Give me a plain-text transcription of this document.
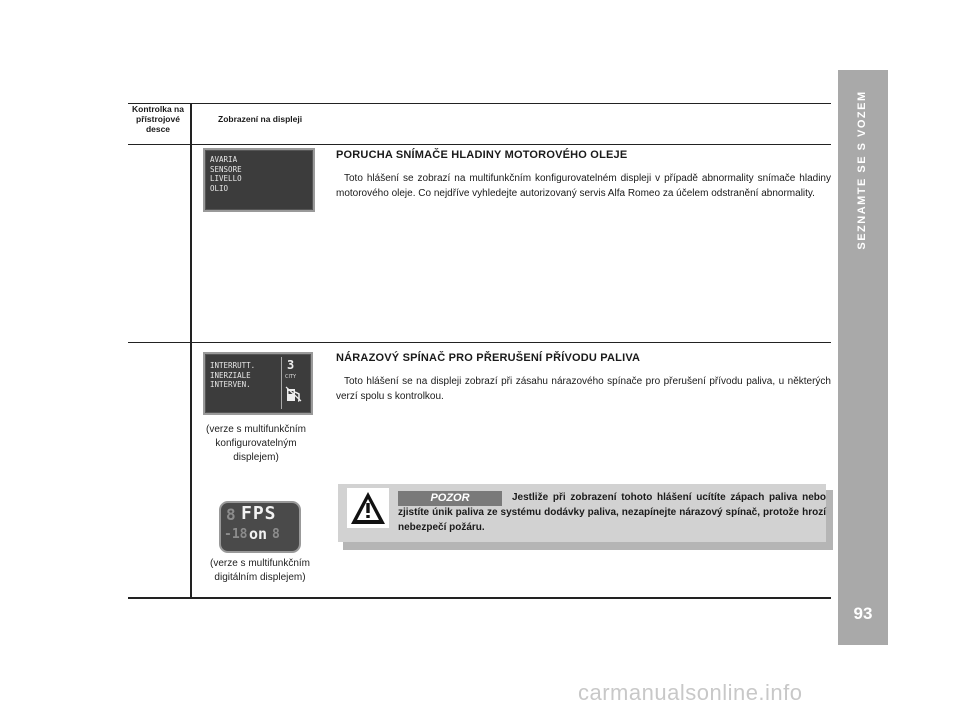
SEZNAMTE SE S VOZEM
93
Kontrolka na přístrojové desce
Zobrazení na displeji
AVARIA
SENSORE
LIVELLO
OLIO
PORUCHA SNÍMAČE HLADINY MOTOROVÉHO OLEJE
Toto hlášení se zobrazí na multifunkčním konfigurovatelném displeji v případě abnormality snímače hladiny motorového oleje. Co nejdříve vyhledejte autorizovaný servis Alfa Romeo za účelem odstranění abnormality.
INTERRUTT.
INERZIALE
INTERVEN.
3
CITY
(verze s multifunkčním konfigurovatelným displejem)
8 FPS
-18 on 8
(verze s multifunkčním digitálním displejem)
NÁRAZOVÝ SPÍNAČ PRO PŘERUŠENÍ PŘÍVODU PALIVA
Toto hlášení se na displeji zobrazí při zásahu nárazového spínače pro přerušení přívodu paliva, u některých verzí spolu s kontrolkou.
Jestliže při zobrazení tohoto hlášení ucítíte zápach paliva nebo zjistíte únik paliva ze systému dodávky paliva, nezapínejte nárazový spínač, protože hrozí nebezpečí požáru.
POZOR
carmanualsonline.info
